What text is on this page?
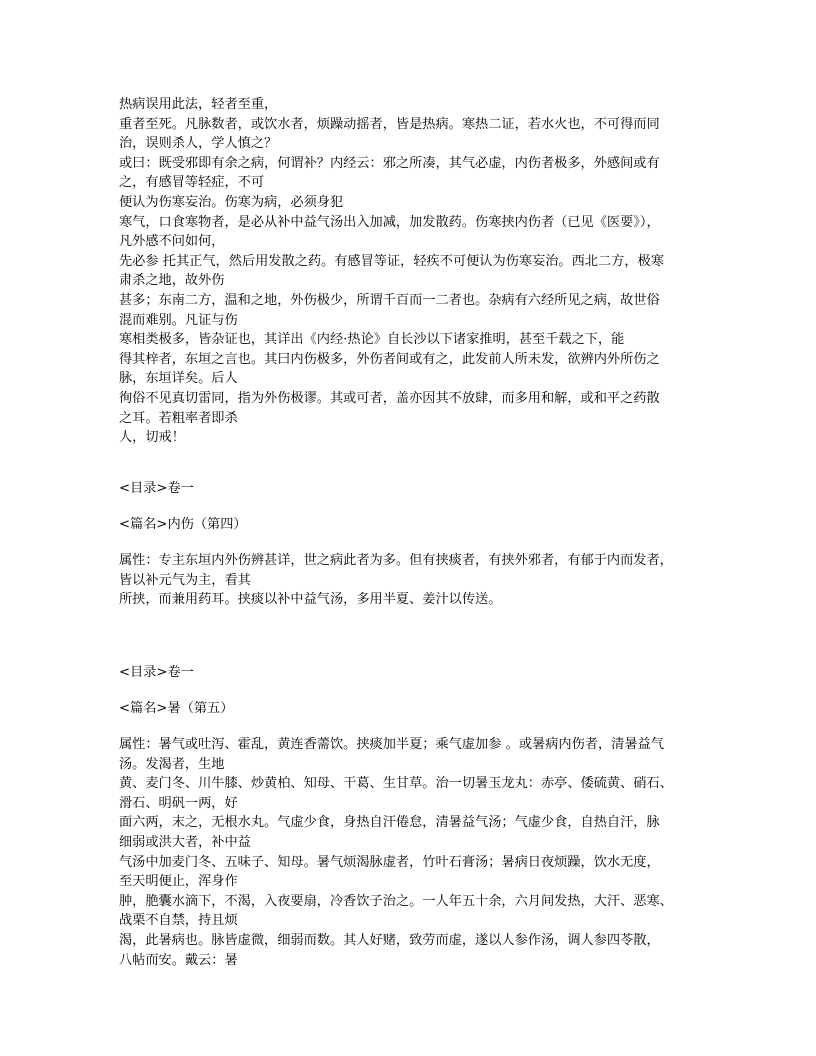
热病误用此法，轻者至重，
重者至死。凡脉数者，或饮水者，烦躁动摇者，皆是热病。寒热二证，若水火也，不可得而同
治，误则杀人，学人慎之？
或曰：既受邪即有余之病，何谓补？内经云：邪之所凑，其气必虚，内伤者极多，外感间或有
之，有感冒等轻症，不可
便认为伤寒妄治。伤寒为病，必须身犯
寒气，口食寒物者，是必从补中益气汤出入加减，加发散药。伤寒挟内伤者（已见《医要》），
凡外感不问如何，
先必参 托其正气，然后用发散之药。有感冒等证，轻疾不可便认为伤寒妄治。西北二方，极寒
肃杀之地，故外伤
甚多；东南二方，温和之地，外伤极少，所谓千百而一二者也。杂病有六经所见之病，故世俗
混而难别。凡证与伤
寒相类极多，皆杂证也，其详出《内经·热论》自长沙以下诸家推明，甚至千载之下，能
得其梓者，东垣之言也。其曰内伤极多，外伤者间或有之，此发前人所未发，欲辨内外所伤之
脉，东垣详矣。后人
徇俗不见真切雷同，指为外伤极谬。其或可者，盖亦因其不放肆，而多用和解，或和平之药散
之耳。若粗率者即杀
人，切戒！
<目录>卷一
<篇名>内伤（第四）
属性：专主东垣内外伤辨甚详，世之病此者为多。但有挟痰者，有挟外邪者，有郁于内而发者，
皆以补元气为主，看其
所挟，而兼用药耳。挟痰以补中益气汤，多用半夏、姜汁以传送。
<目录>卷一
<篇名>暑（第五）
属性：暑气或吐泻、霍乱，黄连香薷饮。挟痰加半夏；乘气虚加参 。或暑病内伤者，清暑益气
汤。发渴者，生地
黄、麦门冬、川牛膝、炒黄柏、知母、干葛、生甘草。治一切暑玉龙丸：赤亭、倭硫黄、硝石、
滑石、明矾一两，好
面六两，末之，无根水丸。气虚少食，身热自汗倦怠，清暑益气汤；气虚少食，自热自汗，脉
细弱或洪大者，补中益
气汤中加麦门冬、五味子、知母。暑气烦渴脉虚者，竹叶石膏汤；暑病日夜烦躁，饮水无度，
至天明便止，浑身作
肿，脃囊水滴下，不渴，入夜要扇，冷香饮子治之。一人年五十余，六月间发热，大汗、恶寒、
战栗不自禁，持且烦
渴，此暑病也。脉皆虚微，细弱而数。其人好赌，致劳而虚，遂以人参作汤，调人参四苓散，
八帖而安。戴云：暑
